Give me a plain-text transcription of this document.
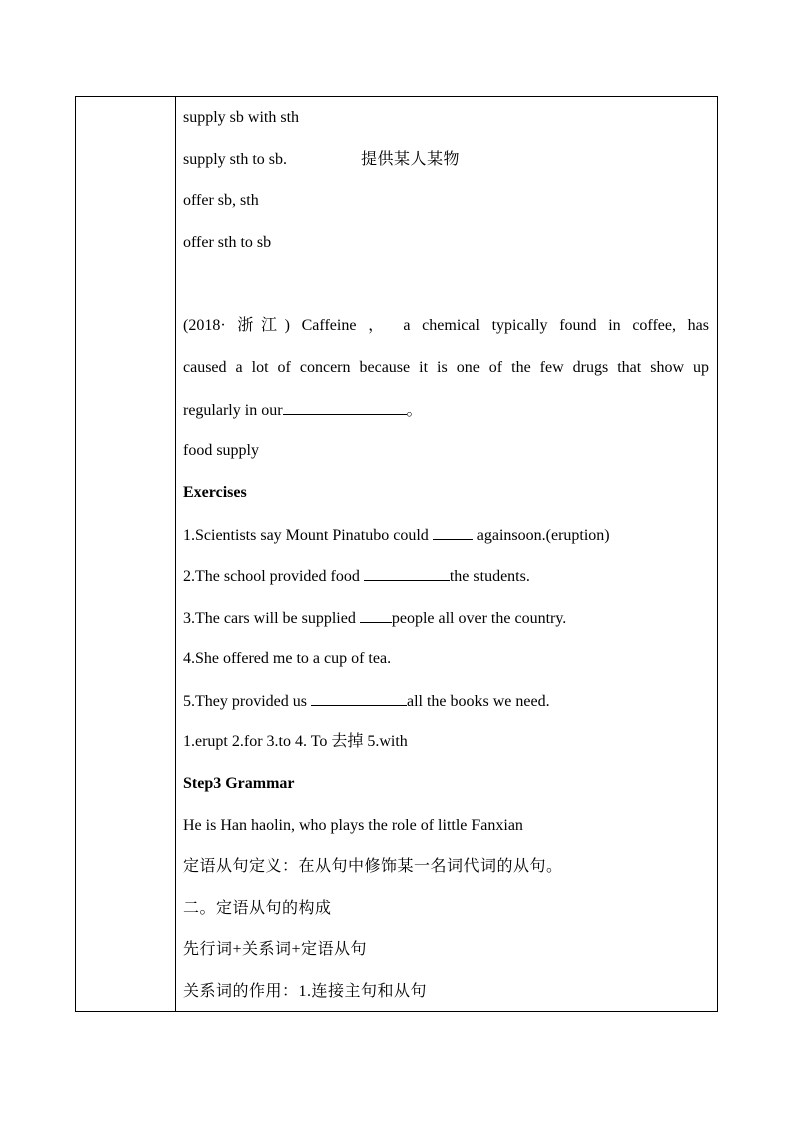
supply sb with sth
supply sth to sb.	提供某人某物
offer sb, sth
offer sth to sb
(2018· 浙江) Caffeine ， a chemical typically found in coffee, has
caused a lot of concern because it is one of the few drugs that show up
regularly in our	。
food supply
Exercises
1.Scientists say Mount Pinatubo could	againsoon.(eruption)
2.The school provided food	the students.
3.The cars will be supplied people all over the country.
4.She offered me to a cup of tea.
5.They provided us	all the books we need.
1.erupt 2.for 3.to 4. To 去掉 5.with
Step3 Grammar
He is Han haolin, who plays the role of little Fanxian
定语从句定义：在从句中修饰某一名词代词的从句。
二。定语从句的构成
先行词+关系词+定语从句
关系词的作用：1.连接主句和从句
